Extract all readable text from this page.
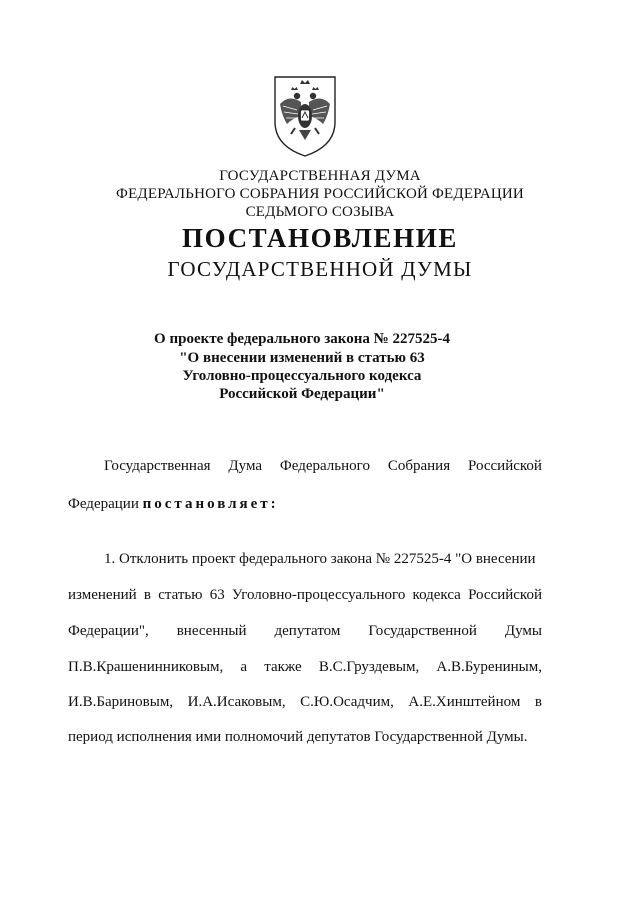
ГОСУДАРСТВЕННАЯ ДУМА
ФЕДЕРАЛЬНОГО СОБРАНИЯ РОССИЙСКОЙ ФЕДЕРАЦИИ
СЕДЬМОГО СОЗЫВА
ПОСТАНОВЛЕНИЕ
ГОСУДАРСТВЕННОЙ ДУМЫ
О проекте федерального закона № 227525-4
"О внесении изменений в статью 63
Уголовно-процессуального кодекса
Российской Федерации"
Государственная Дума Федерального Собрания Российской
Федерации постановляет:
1. Отклонить проект федерального закона № 227525-4 "О внесении
изменений в статью 63 Уголовно-процессуального кодекса Российской
Федерации", внесенный депутатом Государственной Думы
П.В.Крашенинниковым, а также В.С.Груздевым, А.В.Бурениным,
И.В.Бариновым, И.А.Исаковым, С.Ю.Осадчим, А.Е.Хинштейном в
период исполнения ими полномочий депутатов Государственной Думы.
